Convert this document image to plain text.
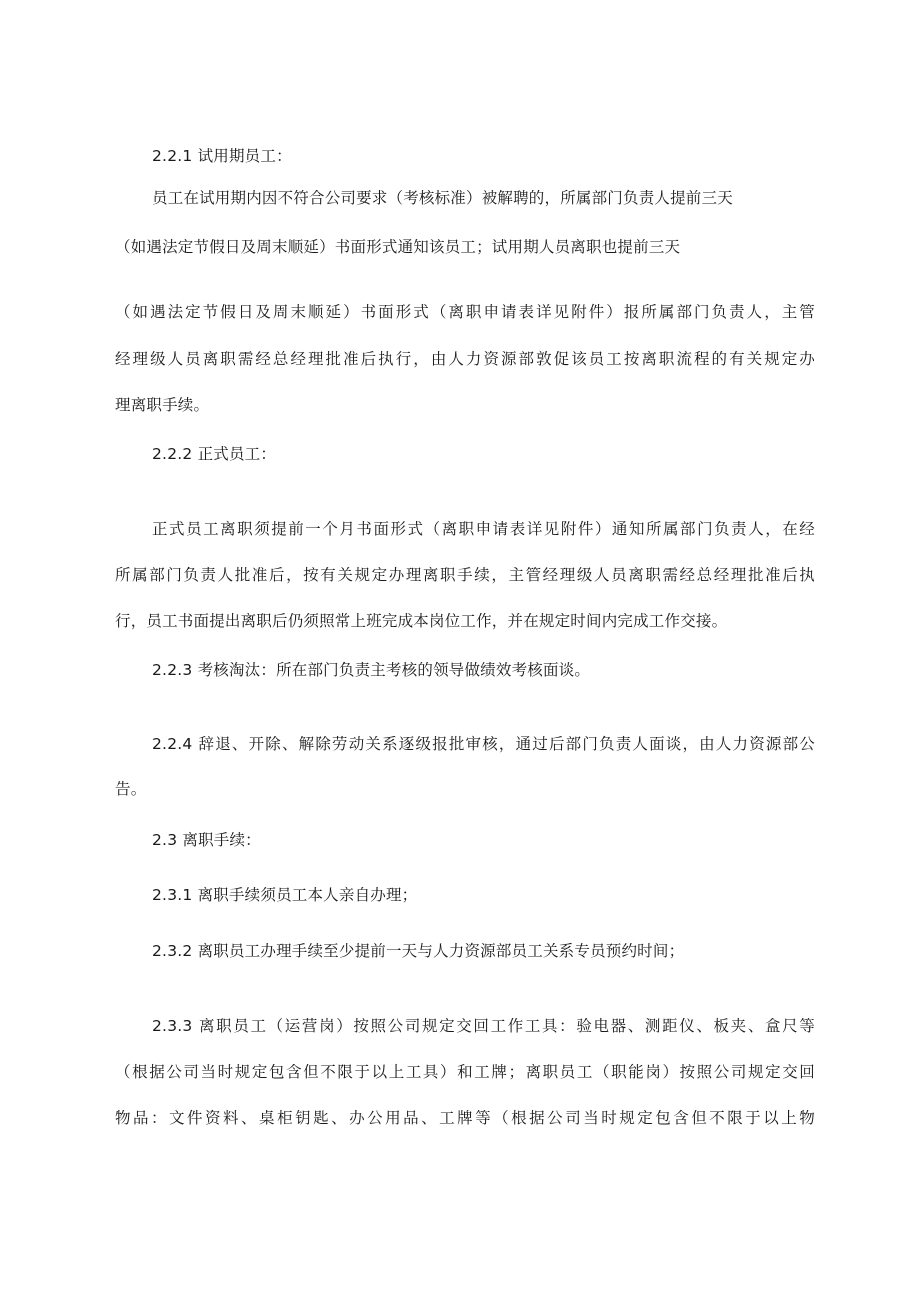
2.2.1 试用期员工：
员工在试用期内因不符合公司要求（考核标准）被解聘的，所属部门负责人提前三天
（如遇法定节假日及周末顺延）书面形式通知该员工；试用期人员离职也提前三天
（如遇法定节假日及周末顺延）书面形式（离职申请表详见附件）报所属部门负责人，主管
经理级人员离职需经总经理批准后执行，由人力资源部敦促该员工按离职流程的有关规定办
理离职手续。
2.2.2 正式员工：
正式员工离职须提前一个月书面形式（离职申请表详见附件）通知所属部门负责人，在经
所属部门负责人批准后，按有关规定办理离职手续，主管经理级人员离职需经总经理批准后执
行，员工书面提出离职后仍须照常上班完成本岗位工作，并在规定时间内完成工作交接。
2.2.3 考核淘汰：所在部门负责主考核的领导做绩效考核面谈。
2.2.4 辞退、开除、解除劳动关系逐级报批审核，通过后部门负责人面谈，由人力资源部公
告。
2.3 离职手续：
2.3.1 离职手续须员工本人亲自办理；
2.3.2 离职员工办理手续至少提前一天与人力资源部员工关系专员预约时间；
2.3.3 离职员工（运营岗）按照公司规定交回工作工具：验电器、测距仪、板夹、盒尺等
（根据公司当时规定包含但不限于以上工具）和工牌；离职员工（职能岗）按照公司规定交回
物品：文件资料、桌柜钥匙、办公用品、工牌等（根据公司当时规定包含但不限于以上物
